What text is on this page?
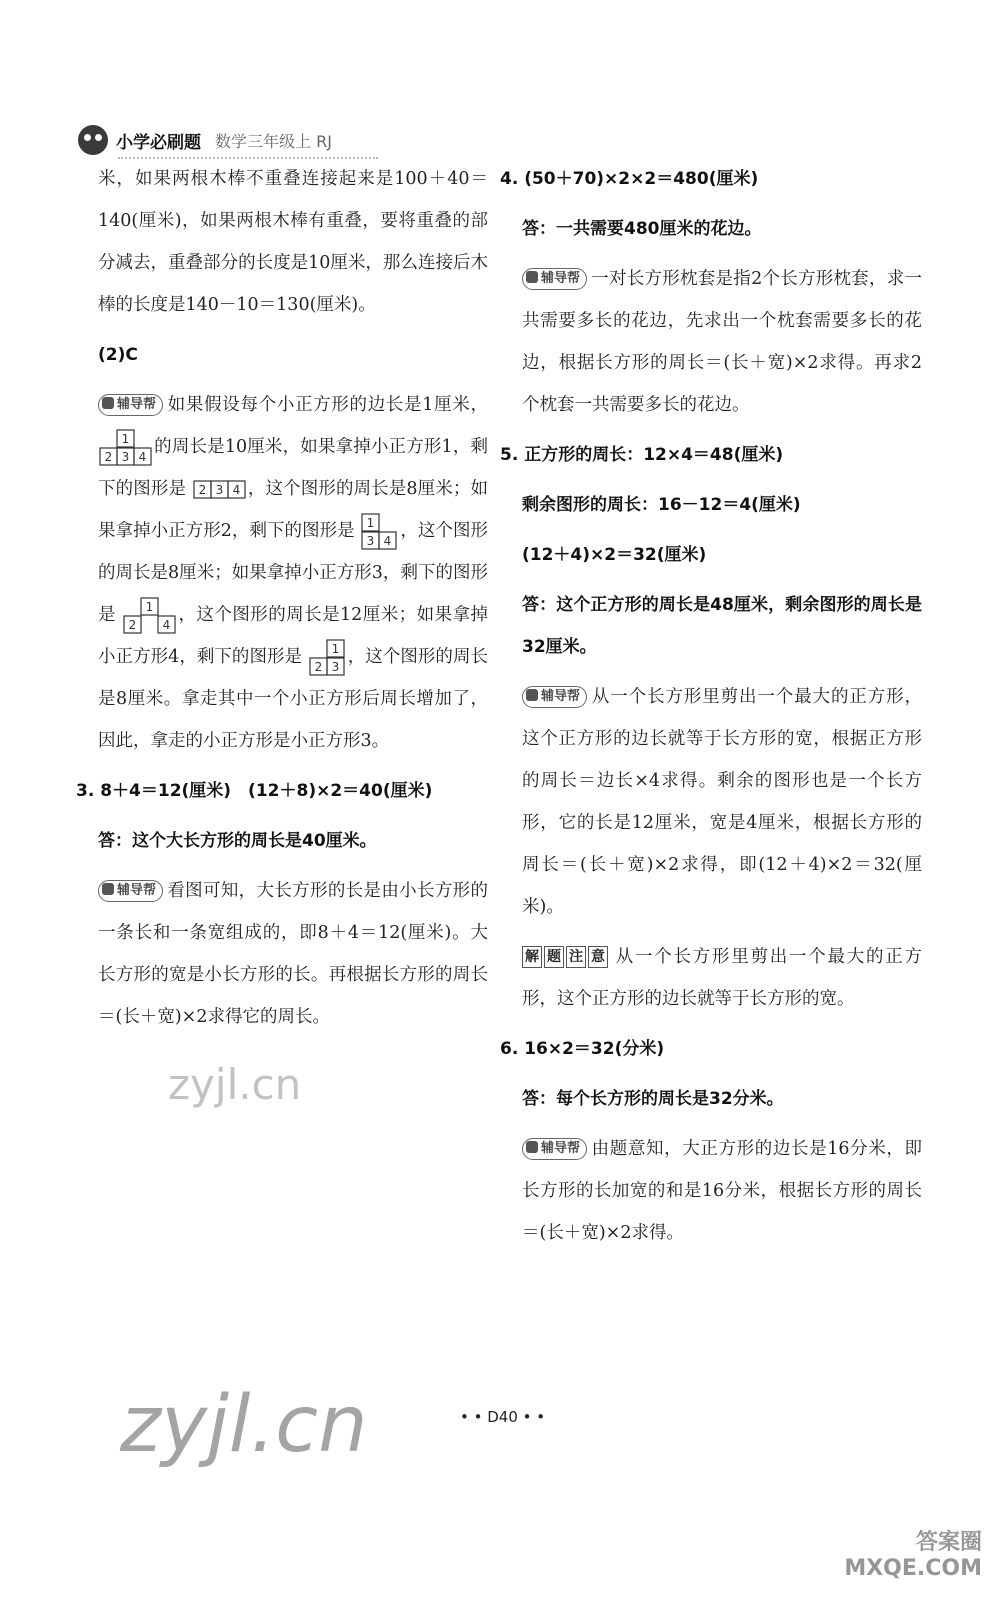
小学必刷题 数学三年级上 RJ

米，如果两根木棒不重叠连接起来是100＋40＝140(厘米)，如果两根木棒有重叠，要将重叠的部分减去，重叠部分的长度是10厘米，那么连接后木棒的长度是140－10＝130(厘米)。

(2)C

辅导帮 如果假设每个小正方形的边长是1厘米，
1
2 3 4 的周长是10厘米，如果拿掉小正方形1，剩下的图形是 2 3 4 ，这个图形的周长是8厘米；如果拿掉小正方形2，剩下的图形是 1
3 4 ，这个图形的周长是8厘米；如果拿掉小正方形3，剩下的图形是 1
2 4 ，这个图形的周长是12厘米；如果拿掉小正方形4，剩下的图形是 1
2 3 ，这个图形的周长是8厘米。拿走其中一个小正方形后周长增加了，因此，拿走的小正方形是小正方形3。

3. 8＋4＝12(厘米)　(12＋8)×2＝40(厘米)

答：这个大长方形的周长是40厘米。

辅导帮 看图可知，大长方形的长是由小长方形的一条长和一条宽组成的，即8＋4＝12(厘米)。大长方形的宽是小长方形的长。再根据长方形的周长＝(长＋宽)×2求得它的周长。

4. (50＋70)×2×2＝480(厘米)

答：一共需要480厘米的花边。

辅导帮 一对长方形枕套是指2个长方形枕套，求一共需要多长的花边，先求出一个枕套需要多长的花边，根据长方形的周长＝(长＋宽)×2求得。再求2个枕套一共需要多长的花边。

5. 正方形的周长：12×4＝48(厘米)

剩余图形的周长：16－12＝4(厘米)

(12＋4)×2＝32(厘米)

答：这个正方形的周长是48厘米，剩余图形的周长是32厘米。

辅导帮 从一个长方形里剪出一个最大的正方形，这个正方形的边长就等于长方形的宽，根据正方形的周长＝边长×4求得。剩余的图形也是一个长方形，它的长是12厘米，宽是4厘米，根据长方形的周长＝(长＋宽)×2求得，即(12＋4)×2＝32(厘米)。

解 题 注 意 从一个长方形里剪出一个最大的正方形，这个正方形的边长就等于长方形的宽。

6. 16×2＝32(分米)

答：每个长方形的周长是32分米。

辅导帮 由题意知，大正方形的边长是16分米，即长方形的长加宽的和是16分米，根据长方形的周长＝(长＋宽)×2求得。

zyjl.cn
zyjl.cn	• • D40 • •
答案圈
MXQE.COM
